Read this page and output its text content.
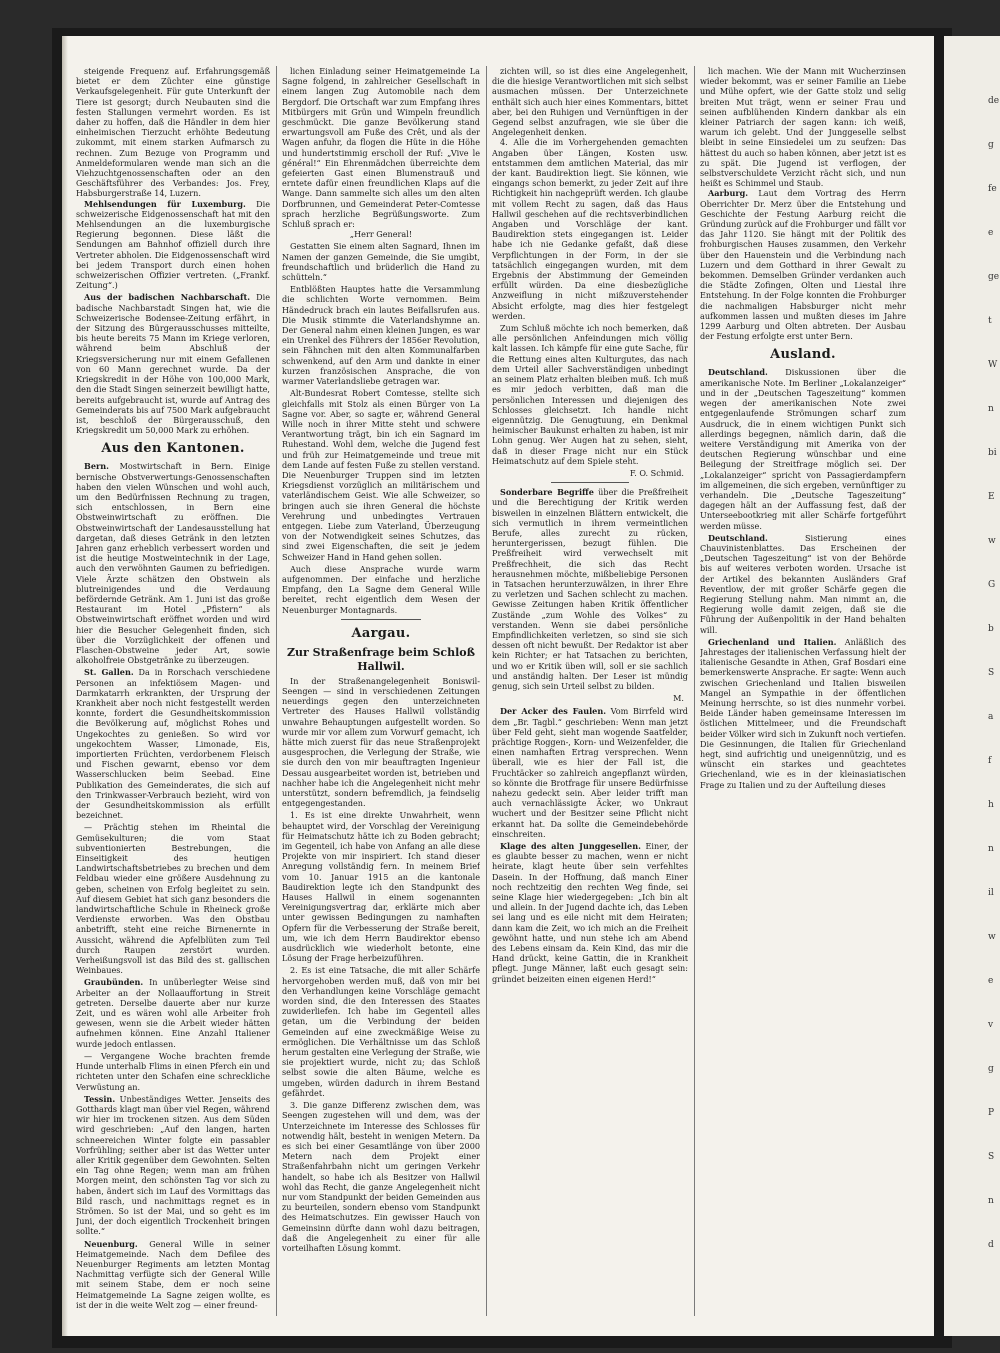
steigende Frequenz auf. Erfahrungsgemäß bietet er dem Züchter eine günstige Verkaufsgelegenheit. Für gute Unterkunft der Tiere ist gesorgt; durch Neubauten sind die festen Stallungen vermehrt worden. Es ist daher zu hoffen, daß die Händler in dem hier einheimischen Tierzucht erhöhte Bedeutung zukommt, mit einem starken Aufmarsch zu rechnen. Zum Bezuge von Programm und Anmeldeformularen wende man sich an die Viehzuchtgenossenschaften oder an den Geschäftsführer des Verbandes: Jos. Frey, Habsburgerstraße 14, Luzern.

Mehlsendungen für Luxemburg. Die schweizerische Eidgenossenschaft hat mit den Mehlsendungen an die luxemburgische Regierung begonnen. Diese läßt die Sendungen am Bahnhof offiziell durch ihre Vertreter abholen. Die Eidgenossenschaft wird bei jedem Transport durch einen hohen schweizerischen Offizier vertreten. („Frankf. Zeitung“.)

Aus der badischen Nachbarschaft. Die badische Nachbarstadt Singen hat, wie die Schweizerische Bodensee-Zeitung erfährt, in der Sitzung des Bürgerausschusses mitteilte, bis heute bereits 75 Mann im Kriege verloren, während beim Abschluß der Kriegsversicherung nur mit einem Gefallenen von 60 Mann gerechnet wurde. Da der Kriegskredit in der Höhe von 100,000 Mark, den die Stadt Singen seinerzeit bewilligt hatte, bereits aufgebraucht ist, wurde auf Antrag des Gemeinderats bis auf 7500 Mark aufgebraucht ist, beschloß der Bürgerausschuß, den Kriegskredit um 50,000 Mark zu erhöhen.

Aus den Kantonen.

Bern. Mostwirtschaft in Bern. Einige bernische Obstverwertungs-Genossenschaften haben den vielen Wünschen und wohl auch, um den Bedürfnissen Rechnung zu tragen, sich entschlossen, in Bern eine Obstweinwirtschaft zu eröffnen. Die Obstweinwirtschaft der Landesausstellung hat dargetan, daß dieses Getränk in den letzten Jahren ganz erheblich verbessert worden und ist die heutige Mostweintechnik in der Lage, auch den verwöhnten Gaumen zu befriedigen. Viele Ärzte schätzen den Obstwein als blutreinigendes und die Verdauung befördernde Getränk. Am 1. Juni ist das große Restaurant im Hotel „Pfistern“ als Obstweinwirtschaft eröffnet worden und wird hier die Besucher Gelegenheit finden, sich über die Vorzüglichkeit der offenen und Flaschen-Obstweine jeder Art, sowie alkoholfreie Obstgetränke zu überzeugen.

St. Gallen. Da in Rorschach verschiedene Personen an infektiösem Magen- und Darmkatarrh erkrankten, der Ursprung der Krankheit aber noch nicht festgestellt werden konnte, fordert die Gesundheitskommission die Bevölkerung auf, möglichst Rohes und Ungekochtes zu genießen. So wird vor ungekochtem Wasser, Limonade, Eis, importierten Früchten, verdorbenem Fleisch und Fischen gewarnt, ebenso vor dem Wasserschlucken beim Seebad. Eine Publikation des Gemeinderates, die sich auf den Trinkwasser-Verbrauch bezieht, wird von der Gesundheitskommission als erfüllt bezeichnet.

— Prächtig stehen im Rheintal die Gemüsekulturen; die vom Staat subventionierten Bestrebungen, die Einseitigkeit des heutigen Landwirtschaftsbetriebes zu brechen und dem Feldbau wieder eine größere Ausdehnung zu geben, scheinen von Erfolg begleitet zu sein. Auf diesem Gebiet hat sich ganz besonders die landwirtschaftliche Schule in Rheineck große Verdienste erworben. Was den Obstbau anbetrifft, steht eine reiche Birnenernte in Aussicht, während die Apfelblüten zum Teil durch Raupen zerstört wurden. Verheißungsvoll ist das Bild des st. gallischen Weinbaues.

Graubünden. In unüberlegter Weise sind Arbeiter an der Nollaauffortung in Streit getreten. Derselbe dauerte aber nur kurze Zeit, und es wären wohl alle Arbeiter froh gewesen, wenn sie die Arbeit wieder hätten aufnehmen können. Eine Anzahl Italiener wurde jedoch entlassen.

— Vergangene Woche brachten fremde Hunde unterhalb Flims in einen Pferch ein und richteten unter den Schafen eine schreckliche Verwüstung an.

Tessin. Unbeständiges Wetter. Jenseits des Gotthards klagt man über viel Regen, während wir hier im trockenen sitzen. Aus dem Süden wird geschrieben: „Auf den langen, harten schneereichen Winter folgte ein passabler Vorfrühling; seither aber ist das Wetter unter aller Kritik gegenüber dem Gewohnten. Selten ein Tag ohne Regen; wenn man am frühen Morgen meint, den schönsten Tag vor sich zu haben, ändert sich im Lauf des Vormittags das Bild rasch, und nachmittags regnet es in Strömen. So ist der Mai, und so geht es im Juni, der doch eigentlich Trockenheit bringen sollte.“

Neuenburg. General Wille in seiner Heimatgemeinde. Nach dem Defilee des Neuenburger Regiments am letzten Montag Nachmittag verfügte sich der General Wille mit seinem Stabe, dem er noch seine Heimatgemeinde La Sagne zeigen wollte, es ist der in die weite Welt zog — einer freund-

lichen Einladung seiner Heimatgemeinde La Sagne folgend, in zahlreicher Gesellschaft in einem langen Zug Automobile nach dem Bergdorf. Die Ortschaft war zum Empfang ihres Mitbürgers mit Grün und Wimpeln freundlich geschmückt. Die ganze Bevölkerung stand erwartungsvoll am Fuße des Crêt, und als der Wagen anfuhr, da flogen die Hüte in die Höhe und hundertstimmig erscholl der Ruf: „Vive le général!“ Ein Ehrenmädchen überreichte dem gefeierten Gast einen Blumenstrauß und erntete dafür einen freundlichen Klaps auf die Wange. Dann sammelte sich alles um den alten Dorfbrunnen, und Gemeinderat Peter-Comtesse sprach herzliche Begrüßungsworte. Zum Schluß sprach er:

„Herr General!

Gestatten Sie einem alten Sagnard, Ihnen im Namen der ganzen Gemeinde, die Sie umgibt, freundschaftlich und brüderlich die Hand zu schütteln.“

Entblößten Hauptes hatte die Versammlung die schlichten Worte vernommen. Beim Händedruck brach ein lautes Beifallsrufen aus. Die Musik stimmte die Vaterlandshymne an. Der General nahm einen kleinen Jungen, es war ein Urenkel des Führers der 1856er Revolution, sein Fähnchen mit den alten Kommunalfarben schwenkend, auf den Arm und dankte in einer kurzen französischen Ansprache, die von warmer Vaterlandsliebe getragen war.

Alt-Bundesrat Robert Comtesse, stellte sich gleichfalls mit Stolz als einen Bürger von La Sagne vor. Aber, so sagte er, während General Wille noch in ihrer Mitte steht und schwere Verantwortung trägt, bin ich ein Sagnard im Ruhestand. Wohl dem, welche die Jugend fest und früh zur Heimatgemeinde und treue mit dem Lande auf festen Fuße zu stellen verstand. Die Neuenburger Truppen sind im letzten Kriegsdienst vorzüglich an militärischem und vaterländischem Geist. Wie alle Schweizer, so bringen auch sie ihren General die höchste Verehrung und unbedingtes Vertrauen entgegen. Liebe zum Vaterland, Überzeugung von der Notwendigkeit seines Schutzes, das sind zwei Eigenschaften, die seit je jedem Schweizer Hand in Hand gehen sollen.

Auch diese Ansprache wurde warm aufgenommen. Der einfache und herzliche Empfang, den La Sagne dem General Wille bereitet, recht eigentlich dem Wesen der Neuenburger Montagnards.

Aargau.
Zur Straßenfrage beim Schloß Hallwil.

In der Straßenangelegenheit Boniswil-Seengen — sind in verschiedenen Zeitungen neuerdings gegen den unterzeichneten Vertreter des Hauses Hallwil vollständig unwahre Behauptungen aufgestellt worden. So wurde mir vor allem zum Vorwurf gemacht, ich hätte mich zuerst für das neue Straßenprojekt ausgesprochen, die Verlegung der Straße, wie sie durch den von mir beauftragten Ingenieur Dessau ausgearbeitet worden ist, betrieben und nachher habe ich die Angelegenheit nicht mehr unterstützt, sondern befremdlich, ja feindselig entgegengestanden.

1. Es ist eine direkte Unwahrheit, wenn behauptet wird, der Vorschlag der Vereinigung für Heimatschutz hätte ich zu Boden gebracht; im Gegenteil, ich habe von Anfang an alle diese Projekte von mir inspiriert. Ich stand dieser Anregung vollständig fern. In meinem Brief vom 10. Januar 1915 an die kantonale Baudirektion legte ich den Standpunkt des Hauses Hallwil in einem sogenannten Vereinigungsvertrag dar, erklärte mich aber unter gewissen Bedingungen zu namhaften Opfern für die Verbesserung der Straße bereit, um, wie ich dem Herrn Baudirektor ebenso ausdrücklich wie wiederholt betonte, eine Lösung der Frage herbeizuführen.

2. Es ist eine Tatsache, die mit aller Schärfe hervorgehoben werden muß, daß von mir bei den Verhandlungen keine Vorschläge gemacht worden sind, die den Interessen des Staates zuwiderliefen. Ich habe im Gegenteil alles getan, um die Verbindung der beiden Gemeinden auf eine zweckmäßige Weise zu ermöglichen. Die Verhältnisse um das Schloß herum gestalten eine Verlegung der Straße, wie sie projektiert wurde, nicht zu; das Schloß selbst sowie die alten Bäume, welche es umgeben, würden dadurch in ihrem Bestand gefährdet.

3. Die ganze Differenz zwischen dem, was Seengen zugestehen will und dem, was der Unterzeichnete im Interesse des Schlosses für notwendig hält, besteht in wenigen Metern. Da es sich bei einer Gesamtlänge von über 2000 Metern nach dem Projekt einer Straßenfahrbahn nicht um geringen Verkehr handelt, so habe ich als Besitzer von Hallwil wohl das Recht, die ganze Angelegenheit nicht nur vom Standpunkt der beiden Gemeinden aus zu beurteilen, sondern ebenso vom Standpunkt des Heimatschutzes. Ein gewisser Hauch von Gemeinsinn dürfte dann wohl dazu beitragen, daß die Angelegenheit zu einer für alle vorteilhaften Lösung kommt.

zichten will, so ist dies eine Angelegenheit, die die hiesige Verantwortlichen mit sich selbst ausmachen müssen. Der Unterzeichnete enthält sich auch hier eines Kommentars, bittet aber, bei den Ruhigen und Vernünftigen in der Gegend selbst anzufragen, wie sie über die Angelegenheit denken.

4. Alle die im Vorhergehenden gemachten Angaben über Längen, Kosten usw. entstammen dem amtlichen Material, das mir der kant. Baudirektion liegt. Sie können, wie eingangs schon bemerkt, zu jeder Zeit auf ihre Richtigkeit hin nachgeprüft werden. Ich glaube mit vollem Recht zu sagen, daß das Haus Hallwil geschehen auf die rechtsverbindlichen Angaben und Vorschläge der kant. Baudirektion stets eingegangen ist. Leider habe ich nie Gedanke gefaßt, daß diese Verpflichtungen in der Form, in der sie tatsächlich eingegangen wurden, mit dem Ergebnis der Abstimmung der Gemeinden erfüllt würden. Da eine diesbezügliche Anzweiflung in nicht mißzuverstehender Absicht erfolgte, mag dies hier festgelegt werden.

Zum Schluß möchte ich noch bemerken, daß alle persönlichen Anfeindungen mich völlig kalt lassen. Ich kämpfe für eine gute Sache, für die Rettung eines alten Kulturgutes, das nach dem Urteil aller Sachverständigen unbedingt an seinem Platz erhalten bleiben muß. Ich muß es mir jedoch verbitten, daß man die persönlichen Interessen und diejenigen des Schlosses gleichsetzt. Ich handle nicht eigennützig. Die Genugtuung, ein Denkmal heimischer Baukunst erhalten zu haben, ist mir Lohn genug. Wer Augen hat zu sehen, sieht, daß in dieser Frage nicht nur ein Stück Heimatschutz auf dem Spiele steht.

F. O. Schmid.

Sonderbare Begriffe über die Preßfreiheit und die Berechtigung der Kritik werden bisweilen in einzelnen Blättern entwickelt, die sich vermutlich in ihrem vermeintlichen Berufe, alles zurecht zu rücken, heruntergerissen, bezugt fühlen. Die Preßfreiheit wird verwechselt mit Preßfrechheit, die sich das Recht herausnehmen möchte, mißbeliebige Personen in Tatsachen herunterzuwälzen, in ihrer Ehre zu verletzen und Sachen schlecht zu machen. Gewisse Zeitungen haben Kritik öffentlicher Zustände „zum Wohle des Volkes“ zu verstanden. Wenn sie dabei persönliche Empfindlichkeiten verletzen, so sind sie sich dessen oft nicht bewußt. Der Redaktor ist aber kein Richter; er hat Tatsachen zu berichten, und wo er Kritik üben will, soll er sie sachlich und anständig halten. Der Leser ist mündig genug, sich sein Urteil selbst zu bilden.

M.

Der Acker des Faulen. Vom Birrfeld wird dem „Br. Tagbl.“ geschrieben: Wenn man jetzt über Feld geht, sieht man wogende Saatfelder, prächtige Roggen-, Korn- und Weizenfelder, die einen namhaften Ertrag versprechen. Wenn überall, wie es hier der Fall ist, die Fruchtäcker so zahlreich angepflanzt würden, so könnte die Brotfrage für unsere Bedürfnisse nahezu gedeckt sein. Aber leider trifft man auch vernachlässigte Äcker, wo Unkraut wuchert und der Besitzer seine Pflicht nicht erkannt hat. Da sollte die Gemeindebehörde einschreiten.

Klage des alten Junggesellen. Einer, der es glaubte besser zu machen, wenn er nicht heirate, klagt heute über sein verfehltes Dasein. In der Hoffnung, daß manch Einer noch rechtzeitig den rechten Weg finde, sei seine Klage hier wiedergegeben: „Ich bin alt und allein. In der Jugend dachte ich, das Leben sei lang und es eile nicht mit dem Heiraten; dann kam die Zeit, wo ich mich an die Freiheit gewöhnt hatte, und nun stehe ich am Abend des Lebens einsam da. Kein Kind, das mir die Hand drückt, keine Gattin, die in Krankheit pflegt. Junge Männer, laßt euch gesagt sein: gründet beizeiten einen eigenen Herd!“

lich machen. Wie der Mann mit Wucherzinsen wieder bekommt, was er seiner Familie an Liebe und Mühe opfert, wie der Gatte stolz und selig breiten Mut trägt, wenn er seiner Frau und seinen aufblühenden Kindern dankbar als ein kleiner Patriarch der sagen kann: ich weiß, warum ich gelebt. Und der Junggeselle selbst bleibt in seine Einsiedelei um zu seufzen: Das hättest du auch so haben können, aber jetzt ist es zu spät. Die Jugend ist verflogen, der selbstverschuldete Verzicht rächt sich, und nun heißt es Schimmel und Staub.

Aarburg. Laut dem Vortrag des Herrn Oberrichter Dr. Merz über die Entstehung und Geschichte der Festung Aarburg reicht die Gründung zurück auf die Frohburger und fällt vor das Jahr 1120. Sie hängt mit der Politik des frohburgischen Hauses zusammen, den Verkehr über den Hauenstein und die Verbindung nach Luzern und dem Gotthard in ihrer Gewalt zu bekommen. Demselben Gründer verdanken auch die Städte Zofingen, Olten und Liestal ihre Entstehung. In der Folge konnten die Frohburger die nachmaligen Habsburger nicht mehr aufkommen lassen und mußten dieses im Jahre 1299 Aarburg und Olten abtreten. Der Ausbau der Festung erfolgte erst unter Bern.

Ausland.

Deutschland. Diskussionen über die amerikanische Note. Im Berliner „Lokalanzeiger“ und in der „Deutschen Tageszeitung“ kommen wegen der amerikanischen Note zwei entgegenlaufende Strömungen scharf zum Ausdruck, die in einem wichtigen Punkt sich allerdings begegnen, nämlich darin, daß die weitere Verständigung mit Amerika von der deutschen Regierung wünschbar und eine Beilegung der Streitfrage möglich sei. Der „Lokalanzeiger“ spricht von Passagierdampfern im allgemeinen, die sich ergeben, vernünftiger zu verhandeln. Die „Deutsche Tageszeitung“ dagegen hält an der Auffassung fest, daß der Unterseebootkrieg mit aller Schärfe fortgeführt werden müsse.

Deutschland.	Sistierung eines Chauvinistenblattes. Das Erscheinen der „Deutschen Tageszeitung“ ist von der Behörde bis auf weiteres verboten worden. Ursache ist der Artikel des bekannten Ausländers Graf Reventlow, der mit großer Schärfe gegen die Regierung Stellung nahm. Man nimmt an, die Regierung wolle damit zeigen, daß sie die Führung der Außenpolitik in der Hand behalten will.

Griechenland und Italien. Anläßlich des Jahrestages der italienischen Verfassung hielt der italienische Gesandte in Athen, Graf Bosdari eine bemerkenswerte Ansprache. Er sagte: Wenn auch zwischen Griechenland und Italien bisweilen Mangel an Sympathie in der öffentlichen Meinung herrschte, so ist dies nunmehr vorbei. Beide Länder haben gemeinsame Interessen im östlichen Mittelmeer, und die Freundschaft beider Völker wird sich in Zukunft noch vertiefen. Die Gesinnungen, die Italien für Griechenland hegt, sind aufrichtig und uneigennützig, und es wünscht ein starkes und geachtetes Griechenland, wie es in der kleinasiatischen Frage zu Italien und zu der Aufteilung dieses

de
g
fe
e
ge
t
W
n
bi
E
w
G
b
S
a
f
h
n
il
w
e
v
g
P
S
n
d
